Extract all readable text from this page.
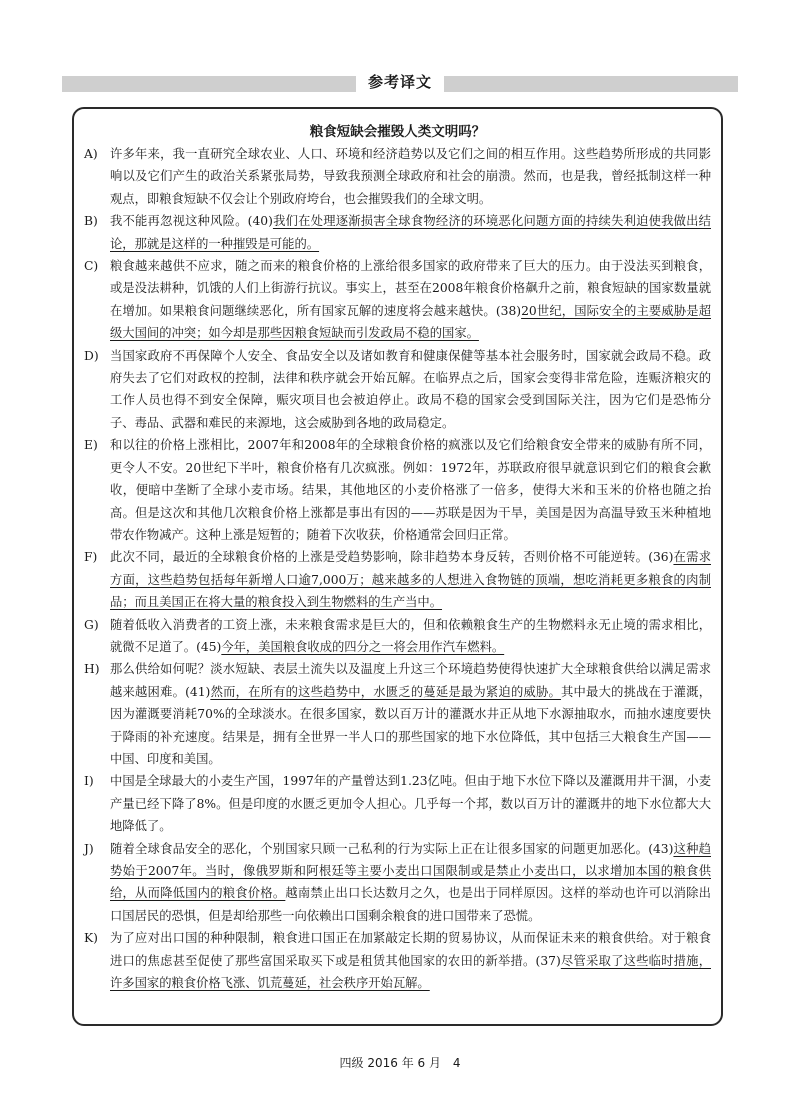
参考译文
粮食短缺会摧毁人类文明吗？
A)	许多年来，我一直研究全球农业、人口、环境和经济趋势以及它们之间的相互作用。这些趋势所形成的共同影响以及它们产生的政治关系紧张局势，导致我预测全球政府和社会的崩溃。然而，也是我，曾经抵制这样一种观点，即粮食短缺不仅会让个别政府垮台，也会摧毁我们的全球文明。
B) 我不能再忽视这种风险。(40)我们在处理逐渐损害全球食物经济的环境恶化问题方面的持续失利迫使我做出结论，那就是这样的一种摧毁是可能的。
C) 粮食越来越供不应求，随之而来的粮食价格的上涨给很多国家的政府带来了巨大的压力。由于没法买到粮食，或是没法耕种，饥饿的人们上街游行抗议。事实上，甚至在2008年粮食价格飙升之前，粮食短缺的国家数量就在增加。如果粮食问题继续恶化，所有国家瓦解的速度将会越来越快。(38)20世纪，国际安全的主要威胁是超级大国间的冲突；如今却是那些因粮食短缺而引发政局不稳的国家。
D) 当国家政府不再保障个人安全、食品安全以及诸如教育和健康保健等基本社会服务时，国家就会政局不稳。政府失去了它们对政权的控制，法律和秩序就会开始瓦解。在临界点之后，国家会变得非常危险，连赈济粮灾的工作人员也得不到安全保障，赈灾项目也会被迫停止。政局不稳的国家会受到国际关注，因为它们是恐怖分子、毒品、武器和难民的来源地，这会威胁到各地的政局稳定。
E) 和以往的价格上涨相比，2007年和2008年的全球粮食价格的疯涨以及它们给粮食安全带来的威胁有所不同，更令人不安。20世纪下半叶，粮食价格有几次疯涨。例如：1972年，苏联政府很早就意识到它们的粮食会歉收，便暗中垄断了全球小麦市场。结果，其他地区的小麦价格涨了一倍多，使得大米和玉米的价格也随之抬高。但是这次和其他几次粮食价格上涨都是事出有因的——苏联是因为干旱，美国是因为高温导致玉米种植地带农作物减产。这种上涨是短暂的；随着下次收获，价格通常会回归正常。
F)	此次不同，最近的全球粮食价格的上涨是受趋势影响，除非趋势本身反转，否则价格不可能逆转。(36)在需求方面，这些趋势包括每年新增人口逾7,000万；越来越多的人想进入食物链的顶端，想吃消耗更多粮食的肉制品；而且美国正在将大量的粮食投入到生物燃料的生产当中。
G) 随着低收入消费者的工资上涨，未来粮食需求是巨大的，但和依赖粮食生产的生物燃料永无止境的需求相比，就微不足道了。(45)今年，美国粮食收成的四分之一将会用作汽车燃料。
H) 那么供给如何呢？淡水短缺、表层土流失以及温度上升这三个环境趋势使得快速扩大全球粮食供给以满足需求越来越困难。(41)然而，在所有的这些趋势中，水匮乏的蔓延是最为紧迫的威胁。其中最大的挑战在于灌溉，因为灌溉要消耗70%的全球淡水。在很多国家，数以百万计的灌溉水井正从地下水源抽取水，而抽水速度要快于降雨的补充速度。结果是，拥有全世界一半人口的那些国家的地下水位降低，其中包括三大粮食生产国——中国、印度和美国。
I)	中国是全球最大的小麦生产国，1997年的产量曾达到1.23亿吨。但由于地下水位下降以及灌溉用井干涸，小麦产量已经下降了8%。但是印度的水匮乏更加令人担心。几乎每一个邦，数以百万计的灌溉井的地下水位都大大地降低了。
J)	随着全球食品安全的恶化，个别国家只顾一己私利的行为实际上正在让很多国家的问题更加恶化。(43)这种趋势始于2007年。当时，像俄罗斯和阿根廷等主要小麦出口国限制或是禁止小麦出口，以求增加本国的粮食供给，从而降低国内的粮食价格。越南禁止出口长达数月之久，也是出于同样原因。这样的举动也许可以消除出口国居民的恐惧，但是却给那些一向依赖出口国剩余粮食的进口国带来了恐慌。
K) 为了应对出口国的种种限制，粮食进口国正在加紧敲定长期的贸易协议，从而保证未来的粮食供给。对于粮食进口的焦虑甚至促使了那些富国采取买下或是租赁其他国家的农田的新举措。(37)尽管采取了这些临时措施，许多国家的粮食价格飞涨、饥荒蔓延，社会秩序开始瓦解。
四级 2016 年 6 月 4
